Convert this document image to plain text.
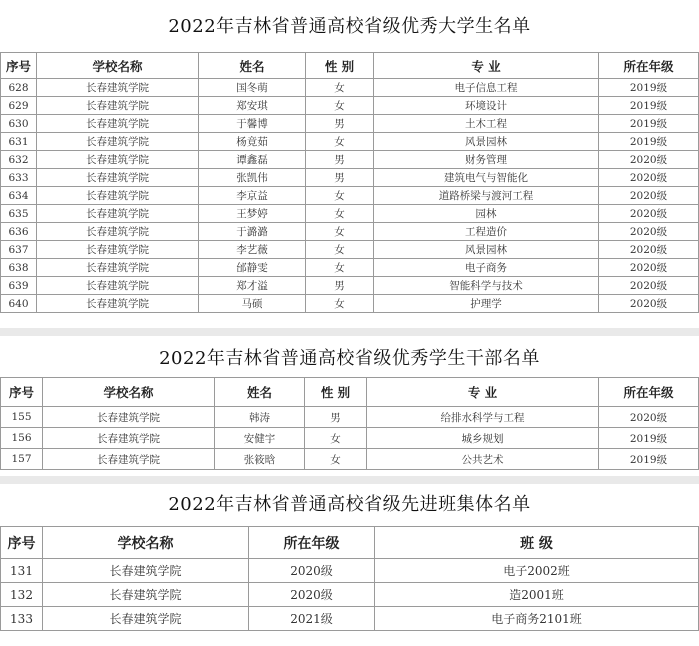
2022年吉林省普通高校省级优秀大学生名单
序号	学校名称	姓名	性 别	专 业	所在年级
628	长春建筑学院	国冬萌	女	电子信息工程	2019级
629	长春建筑学院	郑安琪	女	环境设计	2019级
630	长春建筑学院	于馨博	男	土木工程	2019级
631	长春建筑学院	杨竟茹	女	风景园林	2019级
632	长春建筑学院	谭鑫磊	男	财务管理	2020级
633	长春建筑学院	张凯伟	男	建筑电气与智能化	2020级
634	长春建筑学院	李京益	女	道路桥梁与渡河工程	2020级
635	长春建筑学院	王梦婷	女	园林	2020级
636	长春建筑学院	于潞潞	女	工程造价	2020级
637	长春建筑学院	李艺薇	女	风景园林	2020级
638	长春建筑学院	邰静雯	女	电子商务	2020级
639	长春建筑学院	郑才溢	男	智能科学与技术	2020级
640	长春建筑学院	马硕	女	护理学	2020级
2022年吉林省普通高校省级优秀学生干部名单
序号	学校名称	姓名	性 别	专 业	所在年级
155	长春建筑学院	韩涛	男	给排水科学与工程	2020级
156	长春建筑学院	安健宇	女	城乡规划	2019级
157	长春建筑学院	张筱晗	女	公共艺术	2019级
2022年吉林省普通高校省级先进班集体名单
序号	学校名称	所在年级	班 级
131	长春建筑学院	2020级	电子2002班
132	长春建筑学院	2020级	造2001班
133	长春建筑学院	2021级	电子商务2101班
